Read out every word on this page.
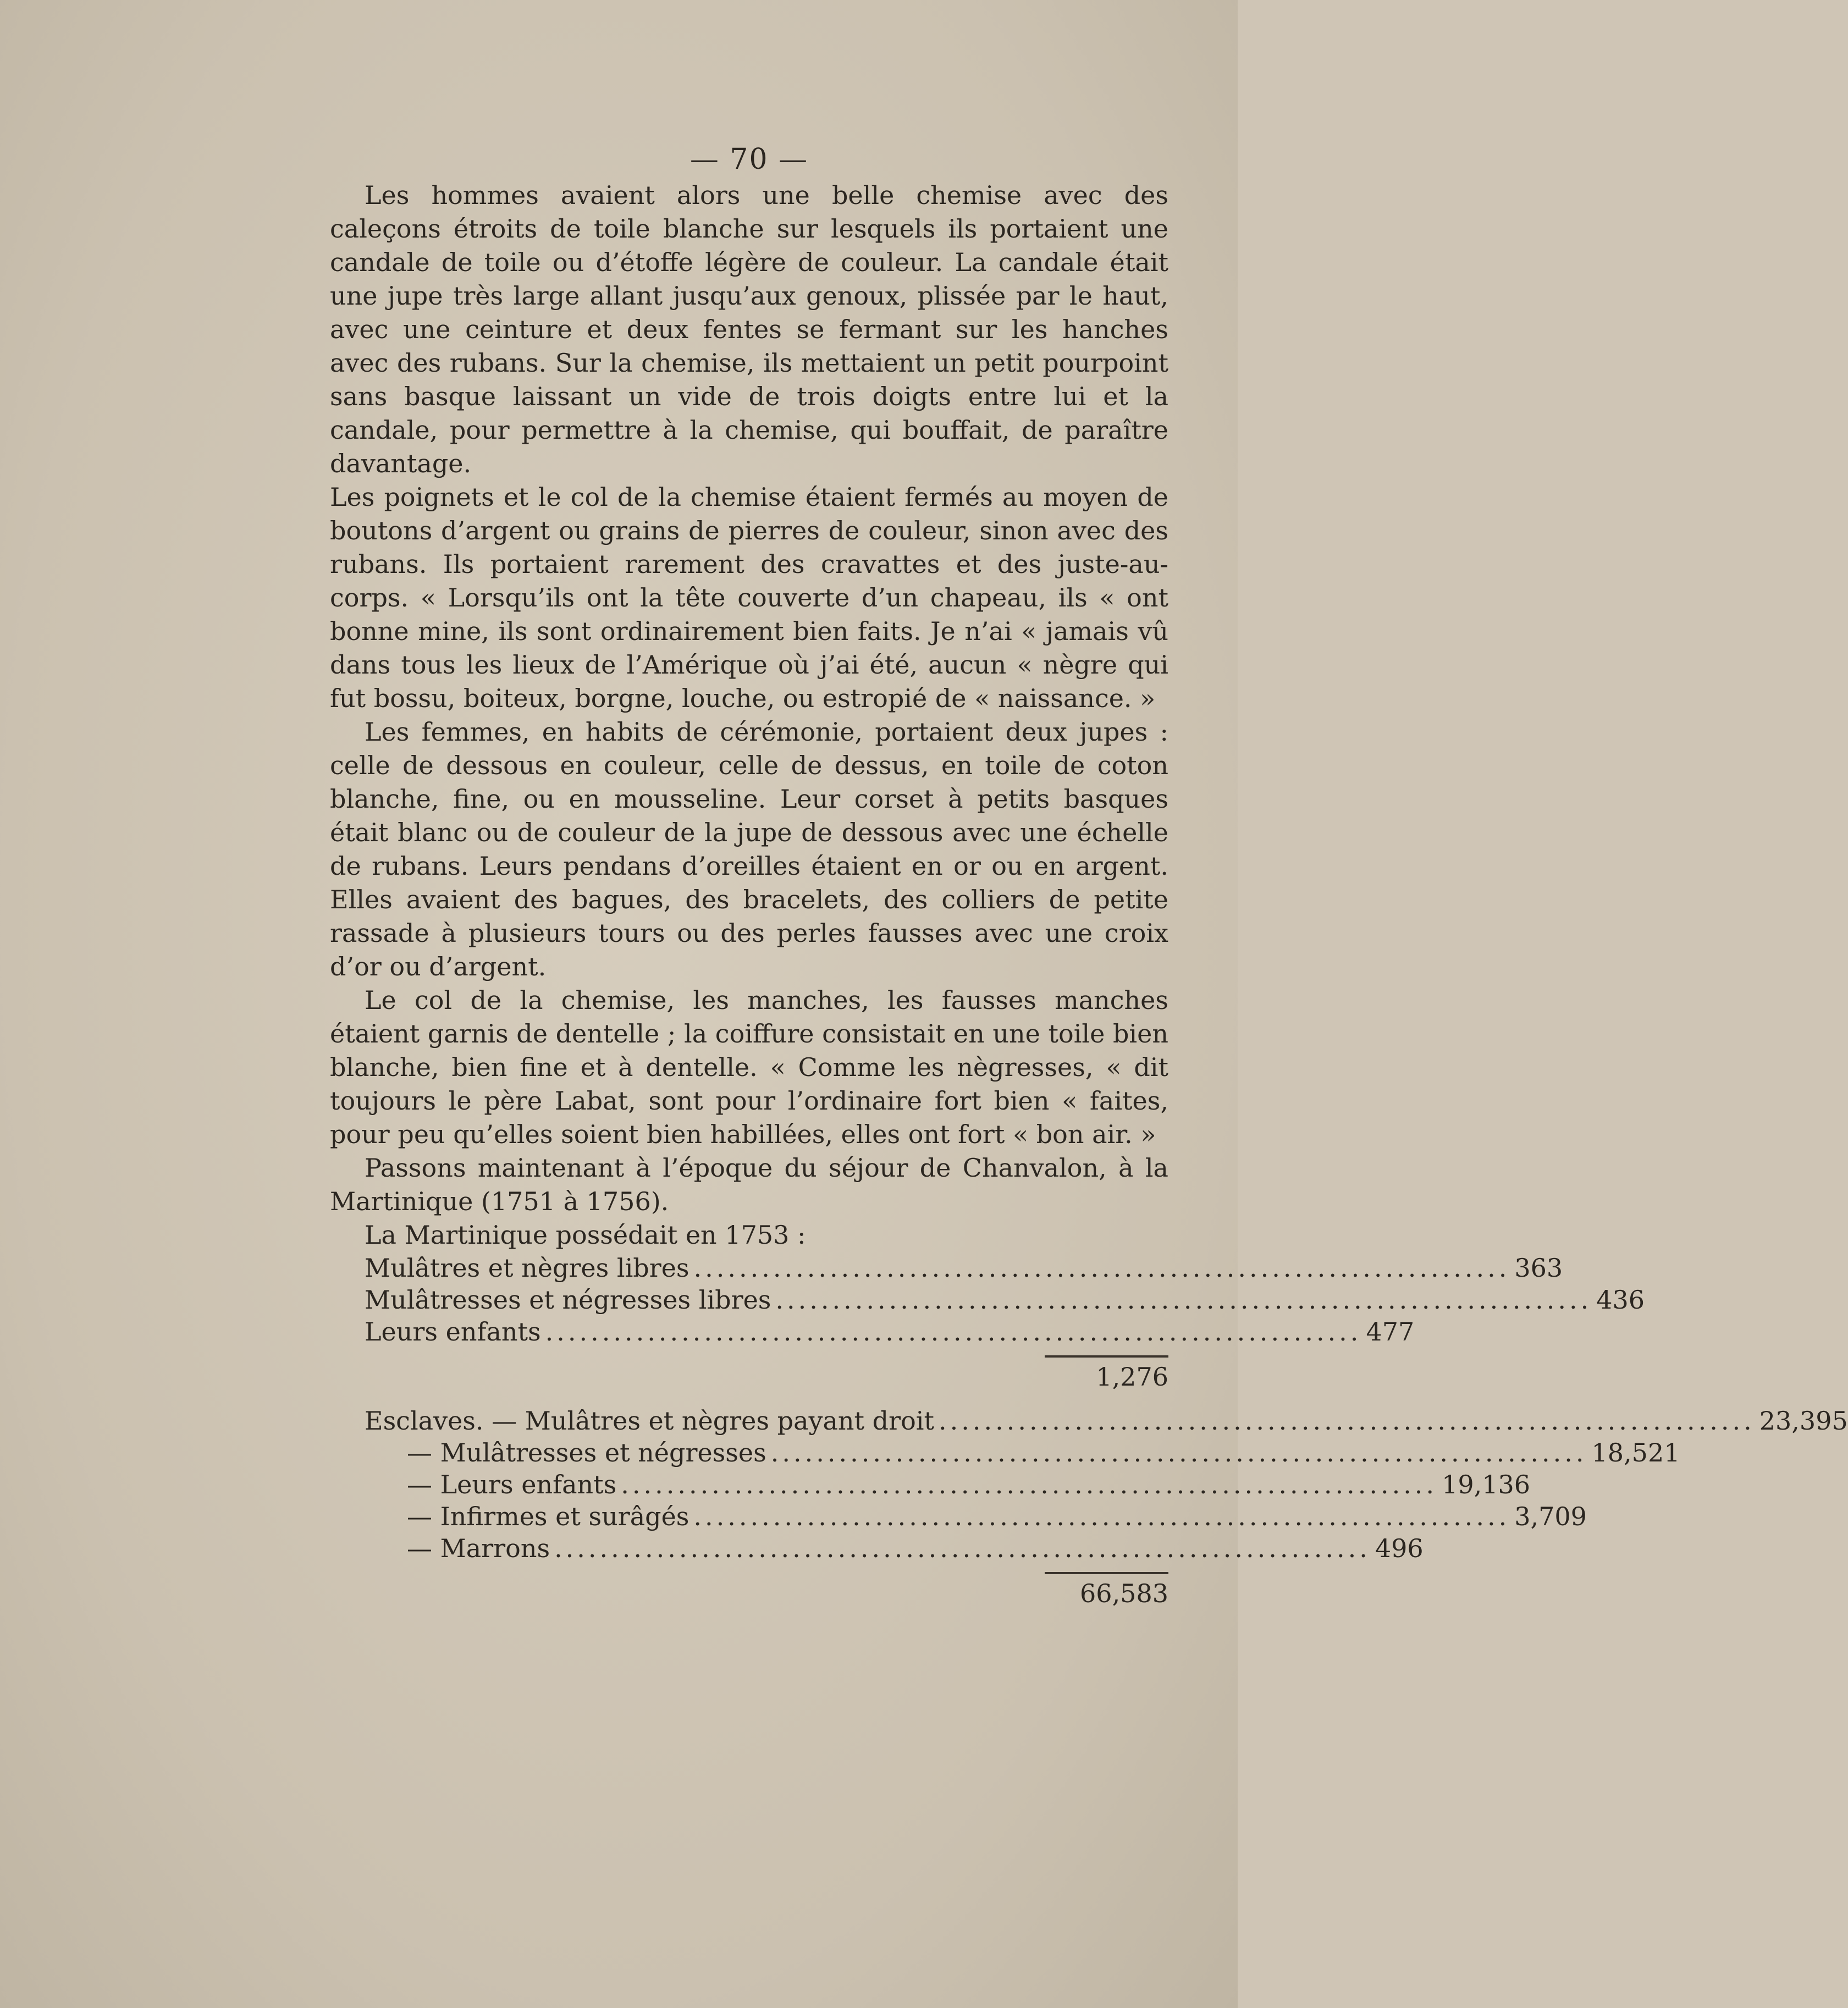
— 70 —

Les hommes avaient alors une belle chemise avec des caleçons étroits de toile blanche sur lesquels ils portaient une candale de toile ou d’étoffe légère de couleur. La candale était une jupe très large allant jusqu’aux genoux, plissée par le haut, avec une ceinture et deux fentes se fermant sur les hanches avec des rubans. Sur la chemise, ils mettaient un petit pourpoint sans basque laissant un vide de trois doigts entre lui et la candale, pour permettre à la chemise, qui bouffait, de paraître davantage.

Les poignets et le col de la chemise étaient fermés au moyen de boutons d’argent ou grains de pierres de couleur, sinon avec des rubans. Ils portaient rarement des cravattes et des juste-au-corps. « Lorsqu’ils ont la tête couverte d’un chapeau, ils « ont bonne mine, ils sont ordinairement bien faits. Je n’ai « jamais vû dans tous les lieux de l’Amérique où j’ai été, aucun « nègre qui fut bossu, boiteux, borgne, louche, ou estropié de « naissance. »

Les femmes, en habits de cérémonie, portaient deux jupes : celle de dessous en couleur, celle de dessus, en toile de coton blanche, fine, ou en mousseline. Leur corset à petits basques était blanc ou de couleur de la jupe de dessous avec une échelle de rubans. Leurs pendans d’oreilles étaient en or ou en argent. Elles avaient des bagues, des bracelets, des colliers de petite rassade à plusieurs tours ou des perles fausses avec une croix d’or ou d’argent.

Le col de la chemise, les manches, les fausses manches étaient garnis de dentelle ; la coiffure consistait en une toile bien blanche, bien fine et à dentelle. « Comme les nègresses, « dit toujours le père Labat, sont pour l’ordinaire fort bien « faites, pour peu qu’elles soient bien habillées, elles ont fort « bon air. »

Passons maintenant à l’époque du séjour de Chanvalon, à la Martinique (1751 à 1756).

La Martinique possédait en 1753 :

Mulâtres et nègres libres ........................................................................ 363
Mulâtresses et négresses libres ........................................................................ 436
Leurs enfants ........................................................................ 477
1,276
Esclaves. — Mulâtres et nègres payant droit ........................................................................ 23,395
— Mulâtresses et négresses ........................................................................ 18,521
— Leurs enfants ........................................................................ 19,136
— Infirmes et surâgés ........................................................................ 3,709
— Marrons ........................................................................ 496
66,583
